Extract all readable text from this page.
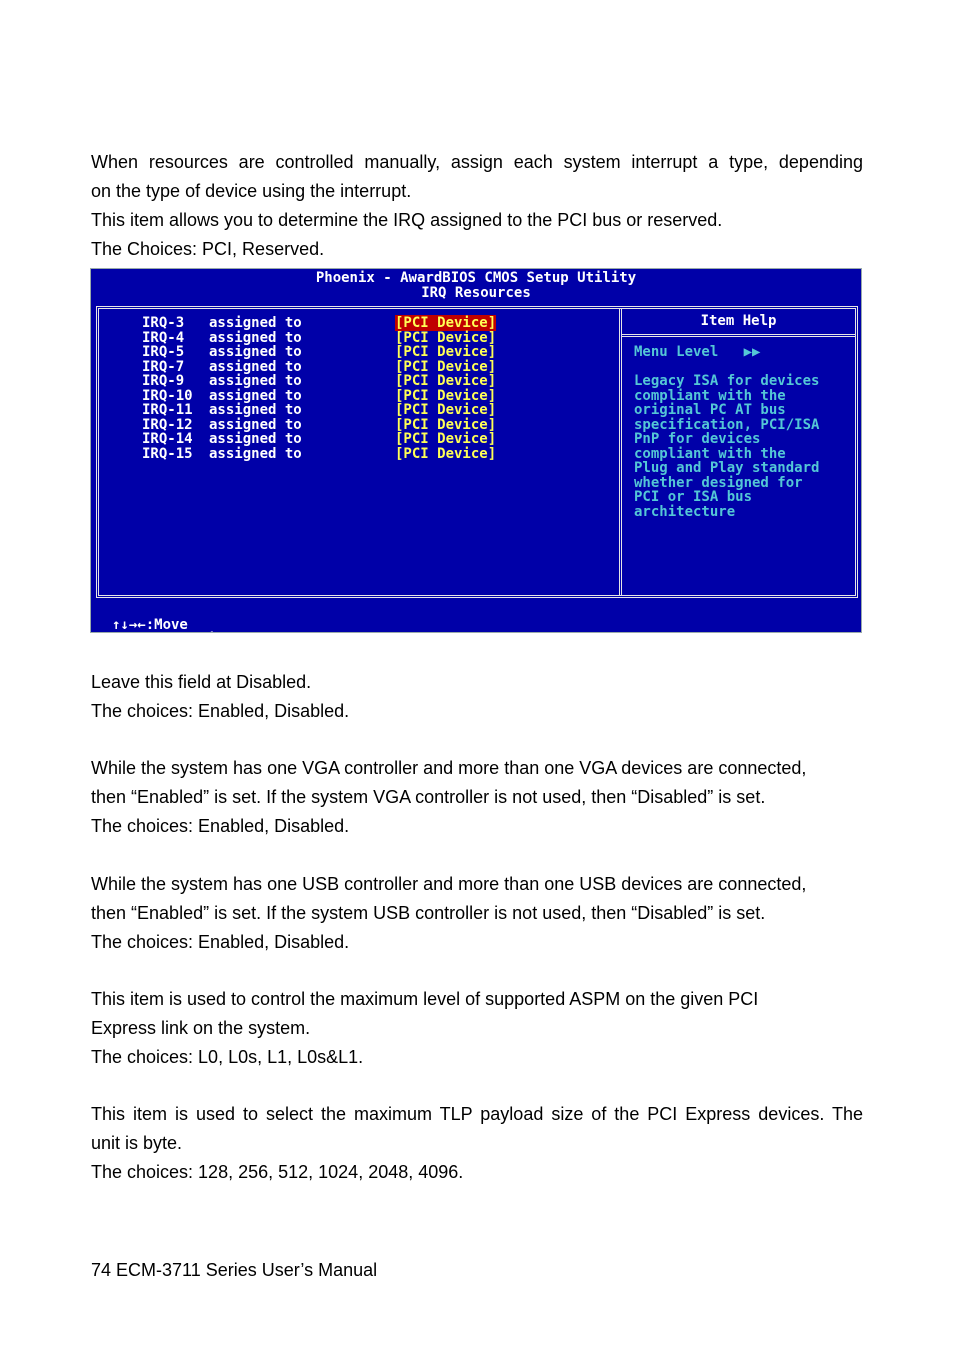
When resources are controlled manually, assign each system interrupt a type, depending
on the type of device using the interrupt.
This item allows you to determine the IRQ assigned to the PCI bus or reserved.
The Choices: PCI, Reserved.
Phoenix - AwardBIOS CMOS Setup Utility
IRQ Resources
IRQ-3 assigned to
IRQ-4 assigned to
IRQ-5 assigned to
IRQ-7 assigned to
IRQ-9 assigned to
IRQ-10 assigned to
IRQ-11 assigned to
IRQ-12 assigned to
IRQ-14 assigned to
IRQ-15 assigned to
[PCI Device]
[PCI Device]
[PCI Device]
[PCI Device]
[PCI Device]
[PCI Device]
[PCI Device]
[PCI Device]
[PCI Device]
[PCI Device]
Item Help
Menu Level   ▶▶
Legacy ISA for devices
compliant with the
original PC AT bus
specification, PCI/ISA
PnP for devices
compliant with the
Plug and Play standard
whether designed for
PCI or ISA bus
architecture

↑↓→←:Move

Leave this field at Disabled.
The choices: Enabled, Disabled.
While the system has one VGA controller and more than one VGA devices are connected,
then “Enabled” is set. If the system VGA controller is not used, then “Disabled” is set.
The choices: Enabled, Disabled.
While the system has one USB controller and more than one USB devices are connected,
then “Enabled” is set. If the system USB controller is not used, then “Disabled” is set.
The choices: Enabled, Disabled.
This item is used to control the maximum level of supported ASPM on the given PCI
Express link on the system.
The choices: L0, L0s, L1, L0s&L1.
This item is used to select the maximum TLP payload size of the PCI Express devices. The
unit is byte.
The choices: 128, 256, 512, 1024, 2048, 4096.
74 ECM-3711 Series User’s Manual
